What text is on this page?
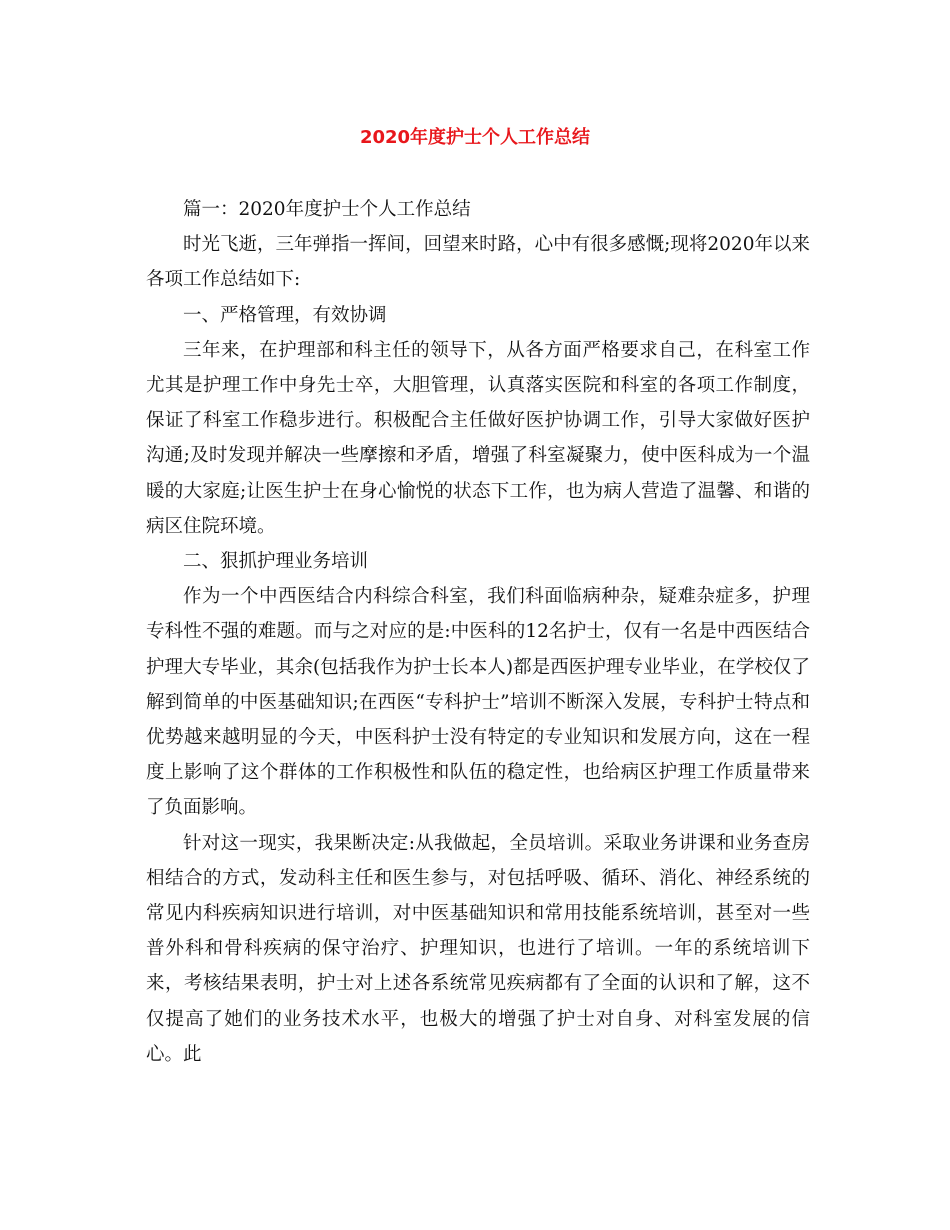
2020年度护士个人工作总结

篇一：2020年度护士个人工作总结

时光飞逝，三年弹指一挥间，回望来时路，心中有很多感慨;现将2020年以来各项工作总结如下:

一、严格管理，有效协调

三年来，在护理部和科主任的领导下，从各方面严格要求自己，在科室工作尤其是护理工作中身先士卒，大胆管理，认真落实医院和科室的各项工作制度，保证了科室工作稳步进行。积极配合主任做好医护协调工作，引导大家做好医护沟通;及时发现并解决一些摩擦和矛盾，增强了科室凝聚力，使中医科成为一个温暖的大家庭;让医生护士在身心愉悦的状态下工作，也为病人营造了温馨、和谐的病区住院环境。

二、狠抓护理业务培训

作为一个中西医结合内科综合科室，我们科面临病种杂，疑难杂症多，护理专科性不强的难题。而与之对应的是:中医科的12名护士，仅有一名是中西医结合护理大专毕业，其余(包括我作为护士长本人)都是西医护理专业毕业，在学校仅了解到简单的中医基础知识;在西医“专科护士”培训不断深入发展，专科护士特点和优势越来越明显的今天，中医科护士没有特定的专业知识和发展方向，这在一程度上影响了这个群体的工作积极性和队伍的稳定性，也给病区护理工作质量带来了负面影响。

针对这一现实，我果断决定:从我做起，全员培训。采取业务讲课和业务查房相结合的方式，发动科主任和医生参与，对包括呼吸、循环、消化、神经系统的常见内科疾病知识进行培训，对中医基础知识和常用技能系统培训，甚至对一些普外科和骨科疾病的保守治疗、护理知识，也进行了培训。一年的系统培训下来，考核结果表明，护士对上述各系统常见疾病都有了全面的认识和了解，这不仅提高了她们的业务技术水平，也极大的增强了护士对自身、对科室发展的信心。此
